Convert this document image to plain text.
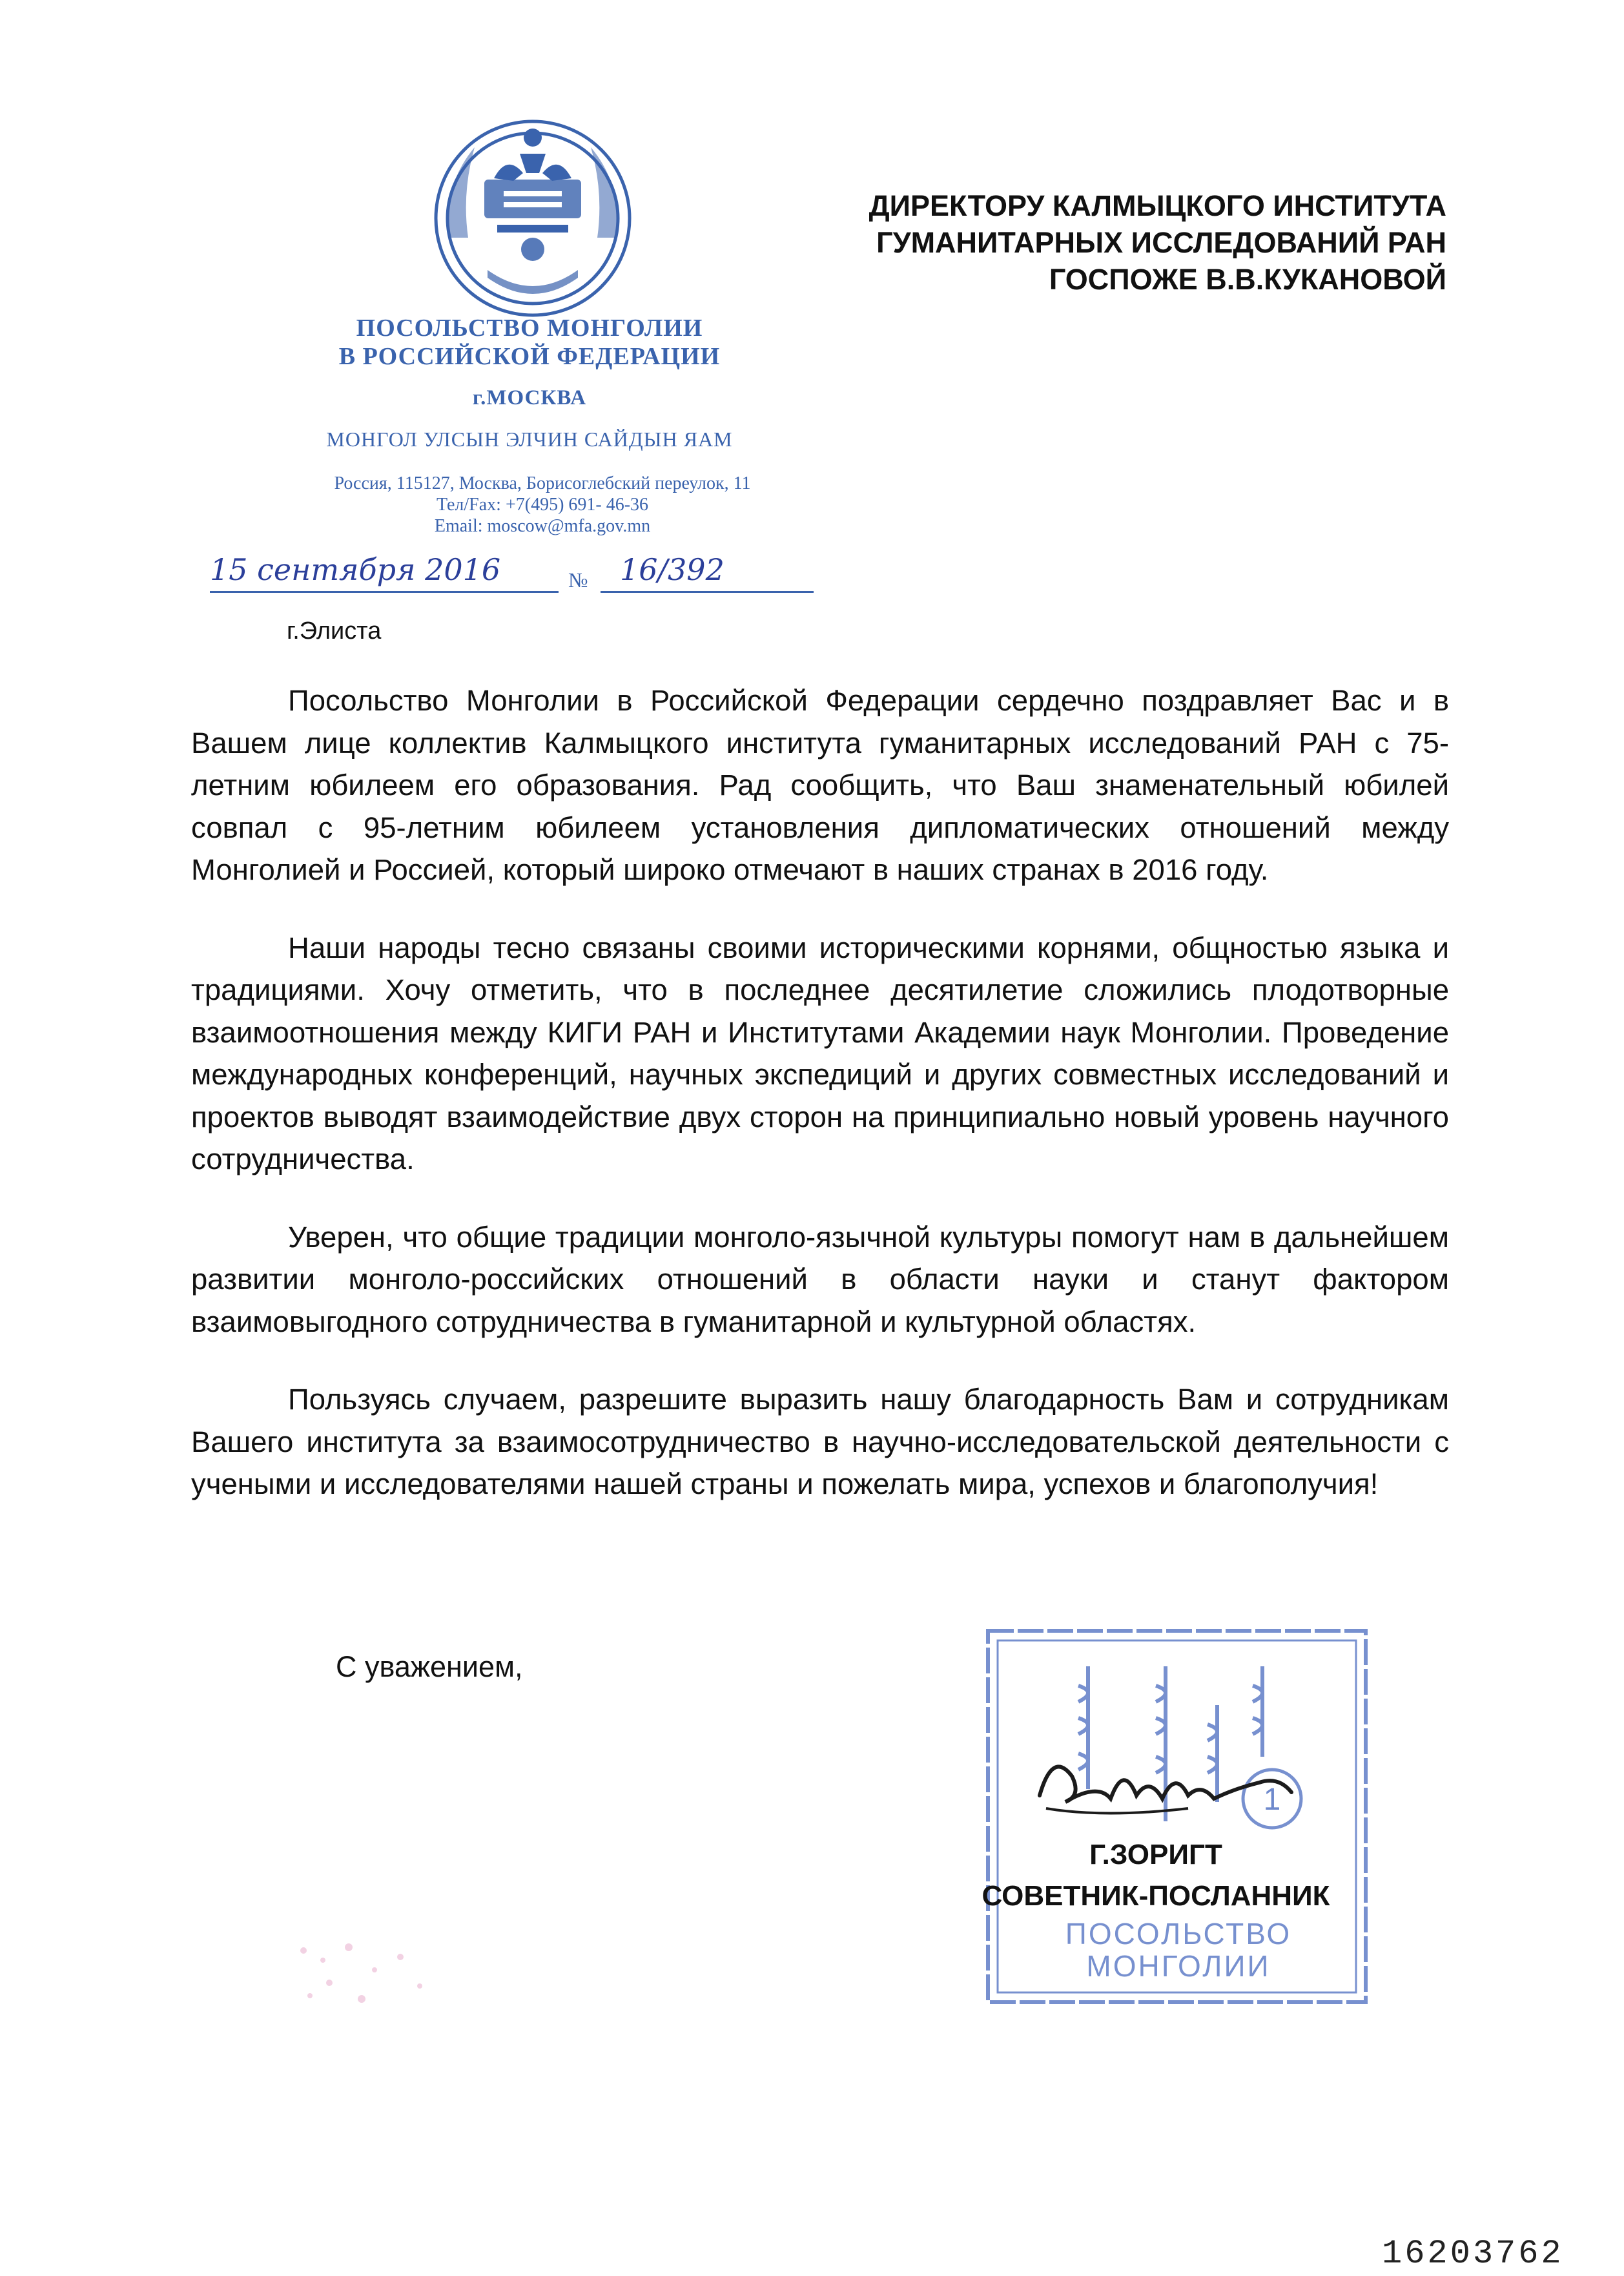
ПОСОЛЬСТВО МОНГОЛИИ
В РОССИЙСКОЙ ФЕДЕРАЦИИ
г.МОСКВА
МОНГОЛ УЛСЫН ЭЛЧИН САЙДЫН ЯАМ
Россия, 115127, Москва, Борисоглебский переулок, 11
Тел/Fax: +7(495) 691- 46-36
Email: moscow@mfa.gov.mn
15 сентября 2016	№ 16/392
ДИРЕКТОРУ КАЛМЫЦКОГО ИНСТИТУТА
ГУМАНИТАРНЫХ ИССЛЕДОВАНИЙ РАН
ГОСПОЖЕ В.В.КУКАНОВОЙ
г.Элиста

Посольство Монголии в Российской Федерации сердечно поздравляет Вас и в Вашем лице коллектив Калмыцкого института гуманитарных исследований РАН с 75-летним юбилеем его образования. Рад сообщить, что Ваш знаменательный юбилей совпал с 95-летним юбилеем установления дипломатических отношений между Монголией и Россией, который широко отмечают в наших странах в 2016 году.

Наши народы тесно связаны своими историческими корнями, общностью языка и традициями. Хочу отметить, что в последнее десятилетие сложились плодотворные взаимоотношения между КИГИ РАН и Институтами Академии наук Монголии. Проведение международных конференций, научных экспедиций и других совместных исследований и проектов выводят взаимодействие двух сторон на принципиально новый уровень научного сотрудничества.

Уверен, что общие традиции монголо-язычной культуры помогут нам в дальнейшем развитии монголо-российских отношений в области науки и станут фактором взаимовыгодного сотрудничества в гуманитарной и культурной областях.

Пользуясь случаем, разрешите выразить нашу благодарность Вам и сотрудникам Вашего института за взаимосотрудничество в научно-исследовательской деятельности с учеными и исследователями нашей страны и пожелать мира, успехов и благополучия!

С уважением,
1
ПОСОЛЬСТВО
МОНГОЛИИ
Г.ЗОРИГТ
СОВЕТНИК-ПОСЛАННИК
16203762
